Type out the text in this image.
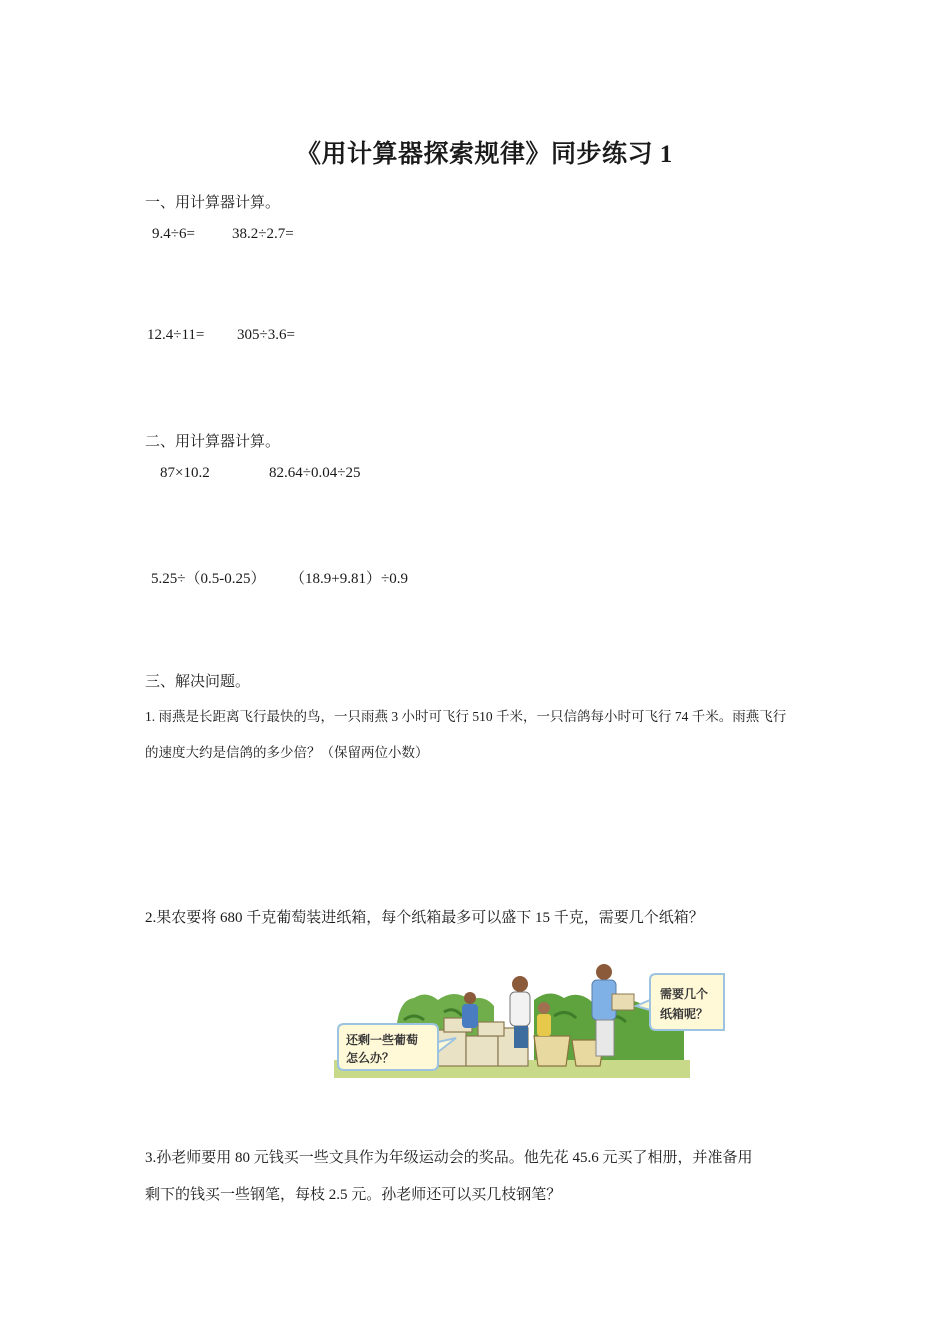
《用计算器探索规律》同步练习 1
一、用计算器计算。
9.4÷6= 38.2÷2.7=
12.4÷11= 305÷3.6=
二、用计算器计算。
87×10.2	82.64÷0.04÷25
5.25÷（0.5-0.25） （18.9+9.81）÷0.9
三、解决问题。
1. 雨燕是长距离飞行最快的鸟，一只雨燕 3 小时可飞行 510 千米，一只信鸽每小时可飞行 74 千米。雨燕飞行
的速度大约是信鸽的多少倍？（保留两位小数）
2.果农要将 680 千克葡萄装进纸箱，每个纸箱最多可以盛下 15 千克，需要几个纸箱？
还剩一些葡萄
怎么办？
需要几个
纸箱呢？
3.孙老师要用 80 元钱买一些文具作为年级运动会的奖品。他先花 45.6 元买了相册，并准备用
剩下的钱买一些钢笔，每枝 2.5 元。孙老师还可以买几枝钢笔？
